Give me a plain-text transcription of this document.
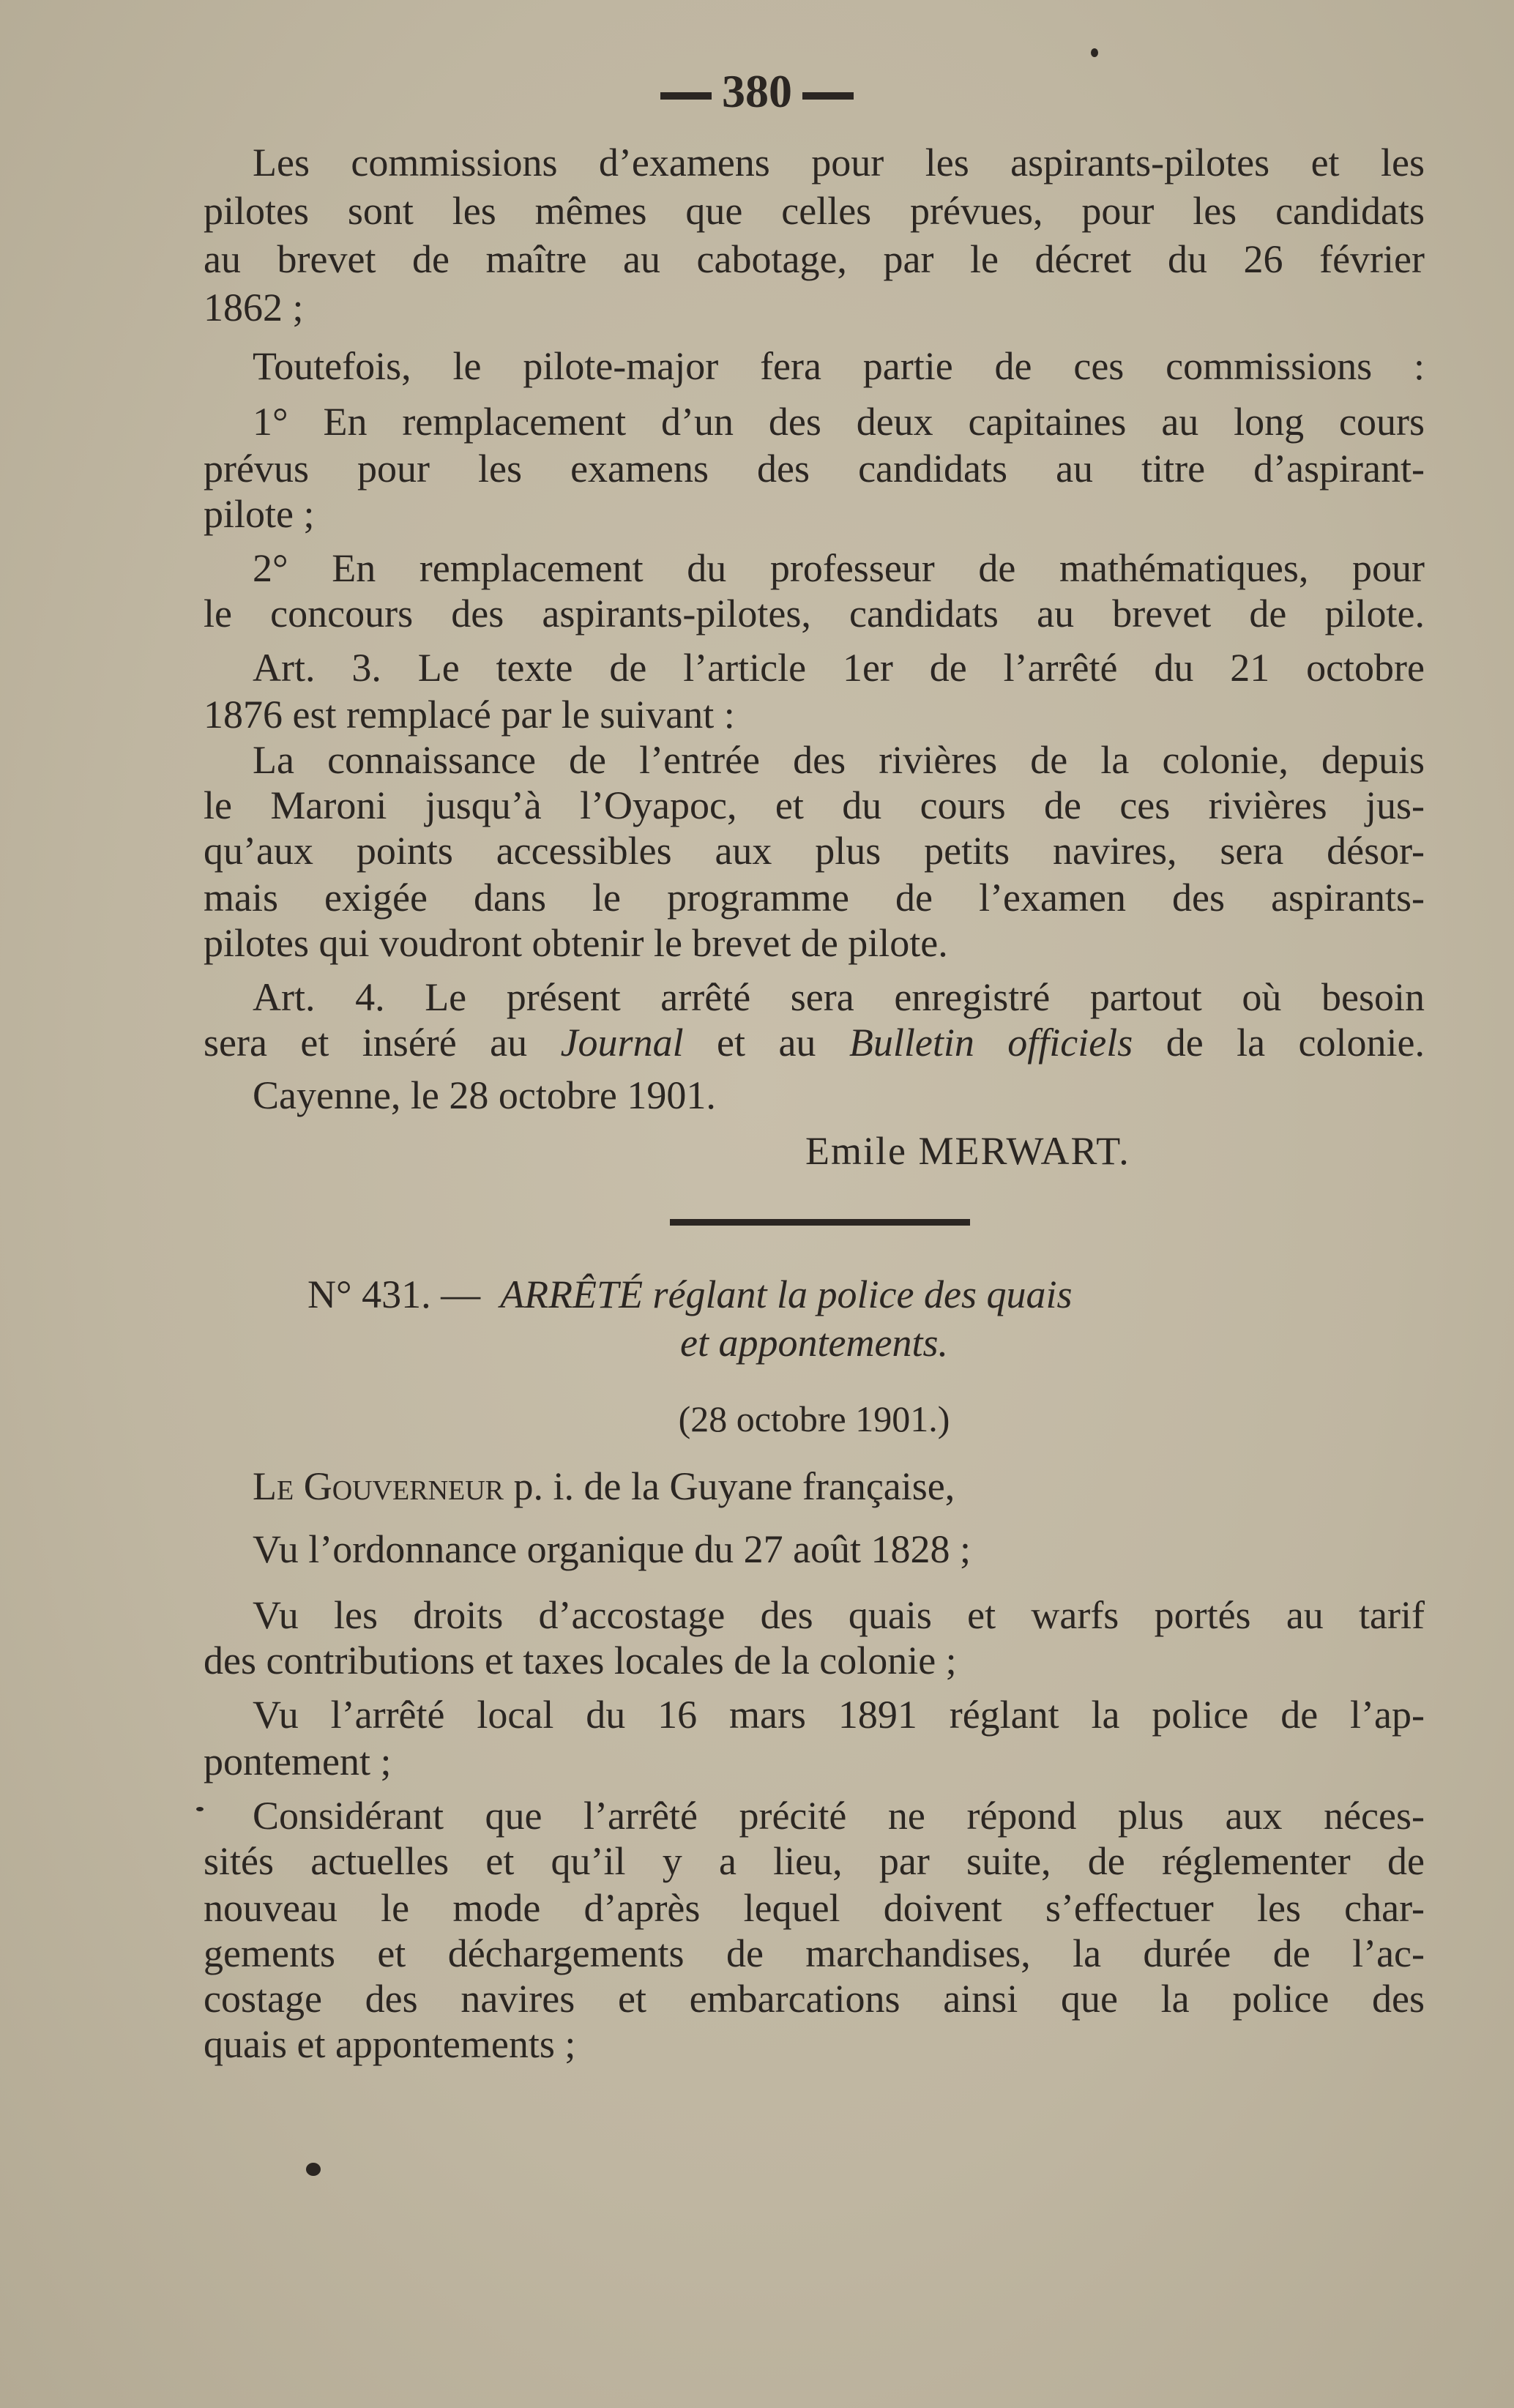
380
Les commissions d’examens pour les aspirants-pilotes et les
pilotes sont les mêmes que celles prévues, pour les candidats
au brevet de maître au cabotage, par le décret du 26 février
1862 ;
Toutefois, le pilote-major fera partie de ces commissions :
1° En remplacement d’un des deux capitaines au long cours
prévus pour les examens des candidats au titre d’aspirant-
pilote ;
2° En remplacement du professeur de mathématiques, pour
le concours des aspirants-pilotes, candidats au brevet de pilote.
Art. 3. Le texte de l’article 1er de l’arrêté du 21 octobre
1876 est remplacé par le suivant :
La connaissance de l’entrée des rivières de la colonie, depuis
le Maroni jusqu’à l’Oyapoc, et du cours de ces rivières jus-
qu’aux points accessibles aux plus petits navires, sera désor-
mais exigée dans le programme de l’examen des aspirants-
pilotes qui voudront obtenir le brevet de pilote.
Art. 4. Le présent arrêté sera enregistré partout où besoin
sera et inséré au Journal et au Bulletin officiels de la colonie.
Cayenne, le 28 octobre 1901.
Emile MERWART.
N° 431. — ARRÊTÉ réglant la police des quais
et appontements.
(28 octobre 1901.)
Le Gouverneur p. i. de la Guyane française,
Vu l’ordonnance organique du 27 août 1828 ;
Vu les droits d’accostage des quais et warfs portés au tarif
des contributions et taxes locales de la colonie ;
Vu l’arrêté local du 16 mars 1891 réglant la police de l’ap-
pontement ;
Considérant que l’arrêté précité ne répond plus aux néces-
sités actuelles et qu’il y a lieu, par suite, de réglementer de
nouveau le mode d’après lequel doivent s’effectuer les char-
gements et déchargements de marchandises, la durée de l’ac-
costage des navires et embarcations ainsi que la police des
quais et appontements ;
